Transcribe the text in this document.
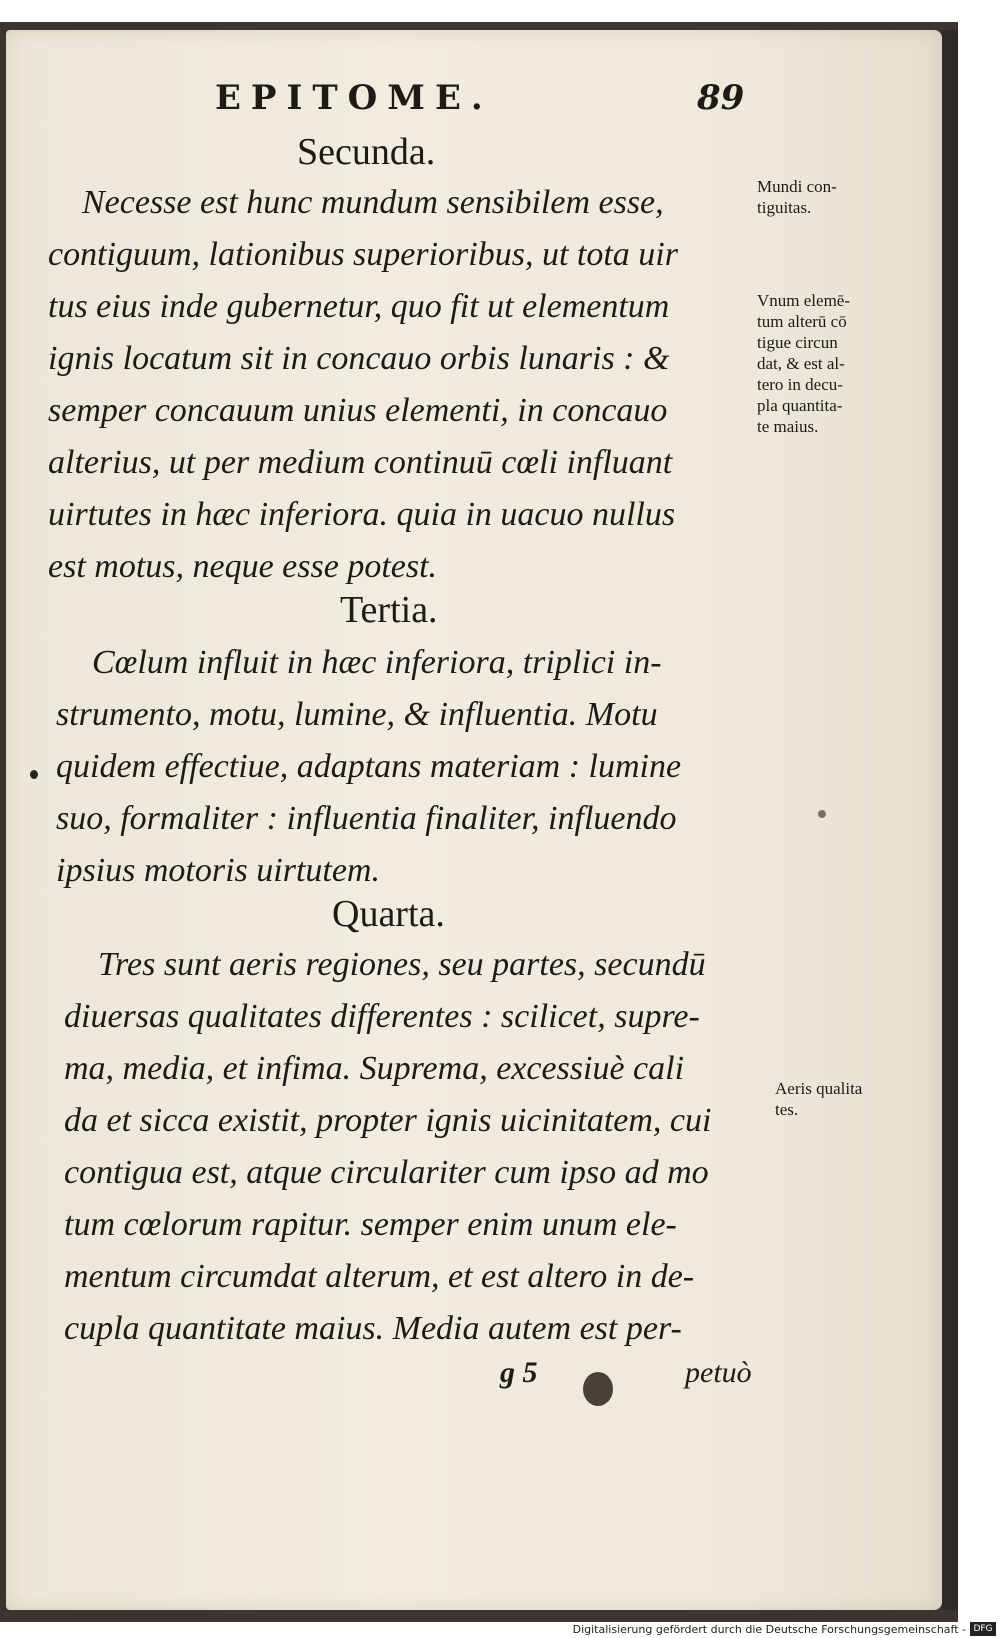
EPITOME.	89
Secunda.
Necesse est hunc mundum sensibilem esse,
contiguum, lationibus superioribus, ut tota uir
tus eius inde gubernetur, quo fit ut elementum
ignis locatum sit in concauo orbis lunaris : &
semper concauum unius elementi, in concauo
alterius, ut per medium continuū cœli influant
uirtutes in hæc inferiora. quia in uacuo nullus
est motus, neque esse potest.
Tertia.
Cœlum influit in hæc inferiora, triplici in-
strumento, motu, lumine, & influentia. Motu
quidem effectiue, adaptans materiam : lumine
suo, formaliter : influentia finaliter, influendo
ipsius motoris uirtutem.
Quarta.
Tres sunt aeris regiones, seu partes, secundū
diuersas qualitates differentes : scilicet, supre-
ma, media, et infima. Suprema, excessiuè cali
da et sicca existit, propter ignis uicinitatem, cui
contigua est, atque circulariter cum ipso ad mo
tum cœlorum rapitur. semper enim unum ele-
mentum circumdat alterum, et est altero in de-
cupla quantitate maius. Media autem est per-
Mundi con-
tiguitas.
Vnum elemē-
tum alterū cō
tigue circun
dat, & est al-
tero in decu-
pla quantita-
te maius.
Aeris qualita
tes.
g 5	petuò
Digitalisierung gefördert durch die Deutsche Forschungsgemeinschaft - DFG
